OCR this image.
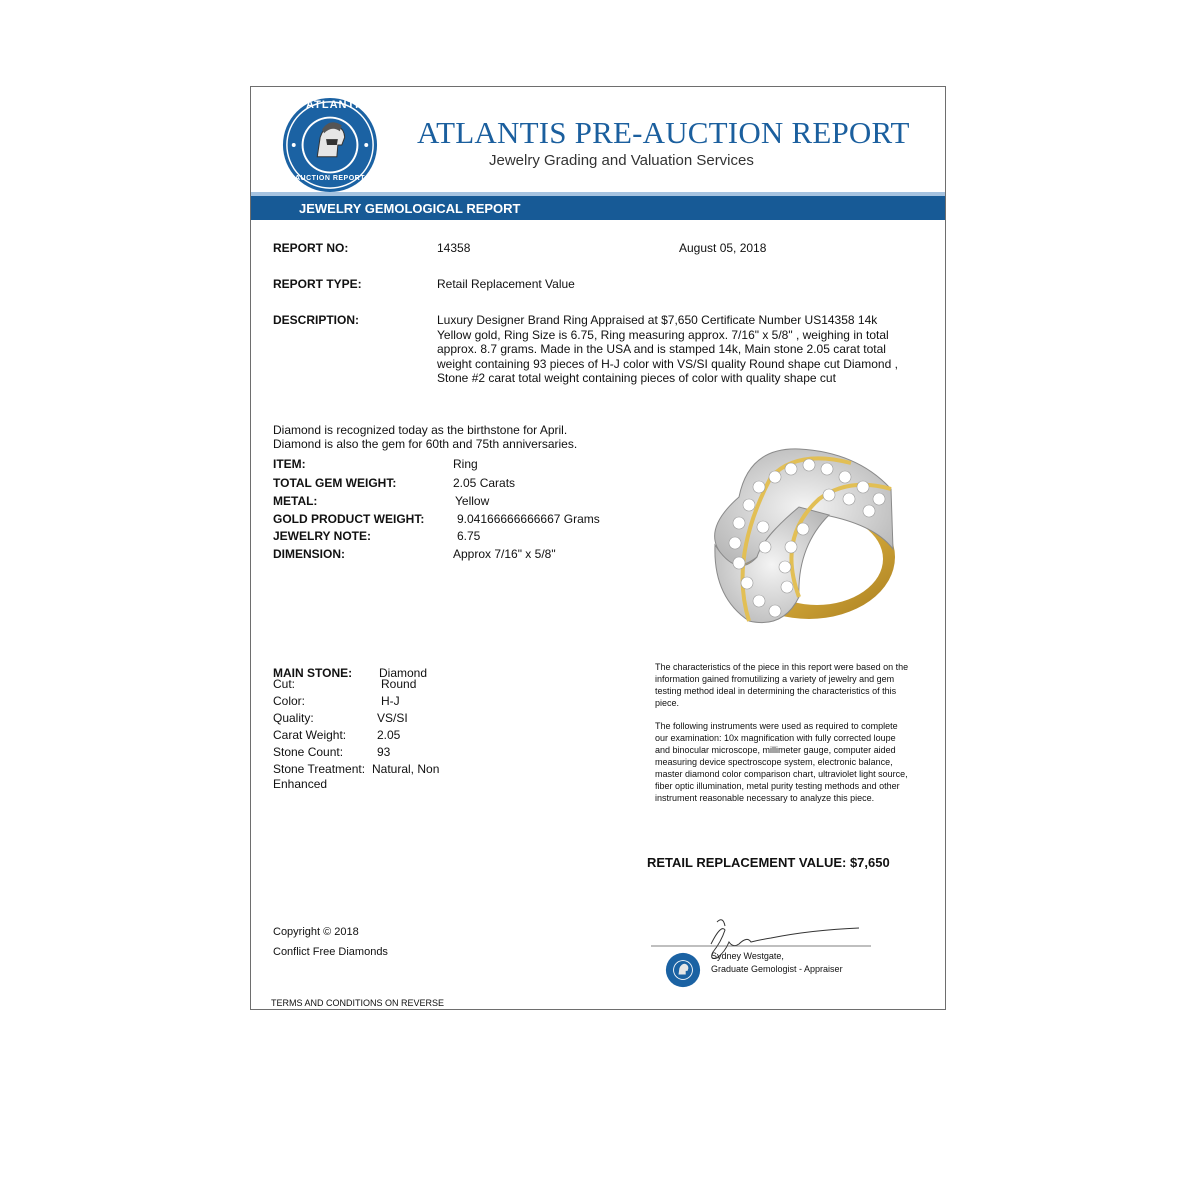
ATLANTIS
AUCTION REPORT
ATLANTIS PRE-AUCTION REPORT
Jewelry Grading and Valuation Services
JEWELRY GEMOLOGICAL REPORT
REPORT NO:	14358	August 05, 2018
REPORT TYPE:	Retail Replacement Value
DESCRIPTION:	Luxury Designer Brand Ring Appraised at $7,650 Certificate Number US14358 14k Yellow gold, Ring Size is 6.75, Ring measuring approx. 7/16" x 5/8" , weighing in total approx. 8.7 grams. Made in the USA and is stamped 14k, Main stone 2.05 carat total weight containing 93 pieces of H-J color with VS/SI quality Round shape cut Diamond , Stone #2 carat total weight containing pieces of color with quality shape cut
Diamond is recognized today as the birthstone for April.
Diamond is also the gem for 60th and 75th anniversaries.
ITEM:	Ring
TOTAL GEM WEIGHT:	2.05 Carats
METAL:	Yellow
GOLD PRODUCT WEIGHT:	9.04166666666667 Grams
JEWELRY NOTE:	6.75
DIMENSION:	Approx 7/16" x 5/8"
MAIN STONE: Diamond
Cut:	Round
Color:	H-J
Quality:	VS/SI
Carat Weight:	2.05
Stone Count:	93
Stone Treatment: Natural, Non
Enhanced
The characteristics of the piece in this report were based on the information gained fromutilizing a variety of jewelry and gem testing method ideal in determining the characteristics of this piece.
The following instruments were used as required to complete our examination: 10x magnification with fully corrected loupe and binocular microscope, millimeter gauge, computer aided measuring device spectroscope system, electronic balance, master diamond color comparison chart, ultraviolet light source, fiber optic illumination, metal purity testing methods and other instrument reasonable necessary to analyze this piece.
RETAIL REPLACEMENT VALUE: $7,650
Copyright © 2018
Conflict Free Diamonds
TERMS AND CONDITIONS ON REVERSE
Sydney Westgate,
Graduate Gemologist - Appraiser
